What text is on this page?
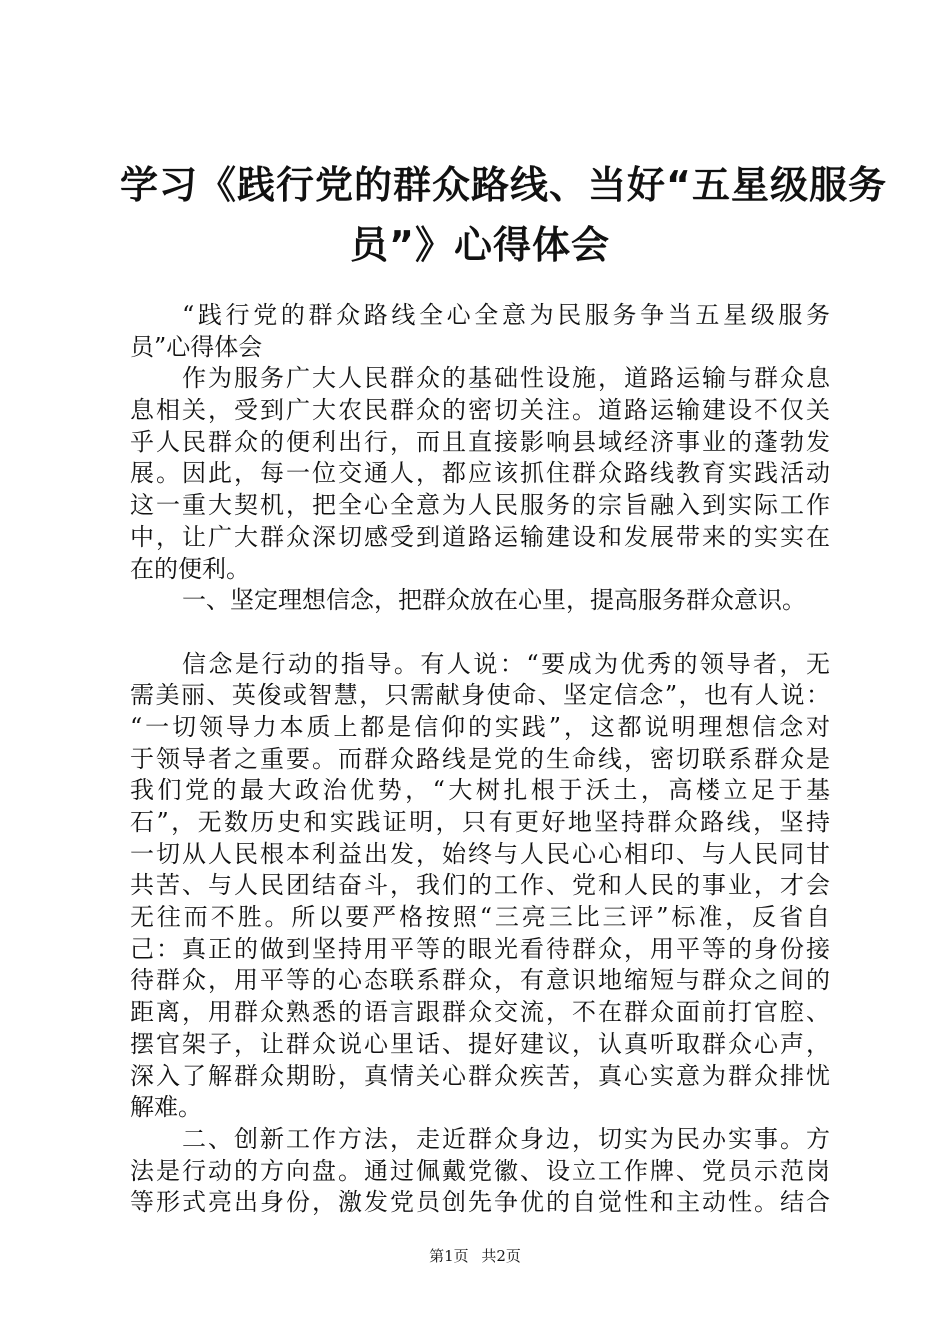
学习《践行党的群众路线、当好“五星级服务
员”》心得体会
“践行党的群众路线全心全意为民服务争当五星级服务
员”心得体会
作为服务广大人民群众的基础性设施，道路运输与群众息
息相关，受到广大农民群众的密切关注。道路运输建设不仅关
乎人民群众的便利出行，而且直接影响县域经济事业的蓬勃发
展。因此，每一位交通人，都应该抓住群众路线教育实践活动
这一重大契机，把全心全意为人民服务的宗旨融入到实际工作
中，让广大群众深切感受到道路运输建设和发展带来的实实在
在的便利。
一、坚定理想信念，把群众放在心里，提高服务群众意识。
信念是行动的指导。有人说：“要成为优秀的领导者，无
需美丽、英俊或智慧，只需献身使命、坚定信念”，也有人说：
“一切领导力本质上都是信仰的实践”，这都说明理想信念对
于领导者之重要。而群众路线是党的生命线，密切联系群众是
我们党的最大政治优势，“大树扎根于沃土，高楼立足于基
石”，无数历史和实践证明，只有更好地坚持群众路线，坚持
一切从人民根本利益出发，始终与人民心心相印、与人民同甘
共苦、与人民团结奋斗，我们的工作、党和人民的事业，才会
无往而不胜。所以要严格按照“三亮三比三评”标准，反省自
己：真正的做到坚持用平等的眼光看待群众，用平等的身份接
待群众，用平等的心态联系群众，有意识地缩短与群众之间的
距离，用群众熟悉的语言跟群众交流，不在群众面前打官腔、
摆官架子，让群众说心里话、提好建议，认真听取群众心声，
深入了解群众期盼，真情关心群众疾苦，真心实意为群众排忧
解难。
二、创新工作方法，走近群众身边，切实为民办实事。方
法是行动的方向盘。通过佩戴党徽、设立工作牌、党员示范岗
等形式亮出身份，激发党员创先争优的自觉性和主动性。结合
第1页 共2页
